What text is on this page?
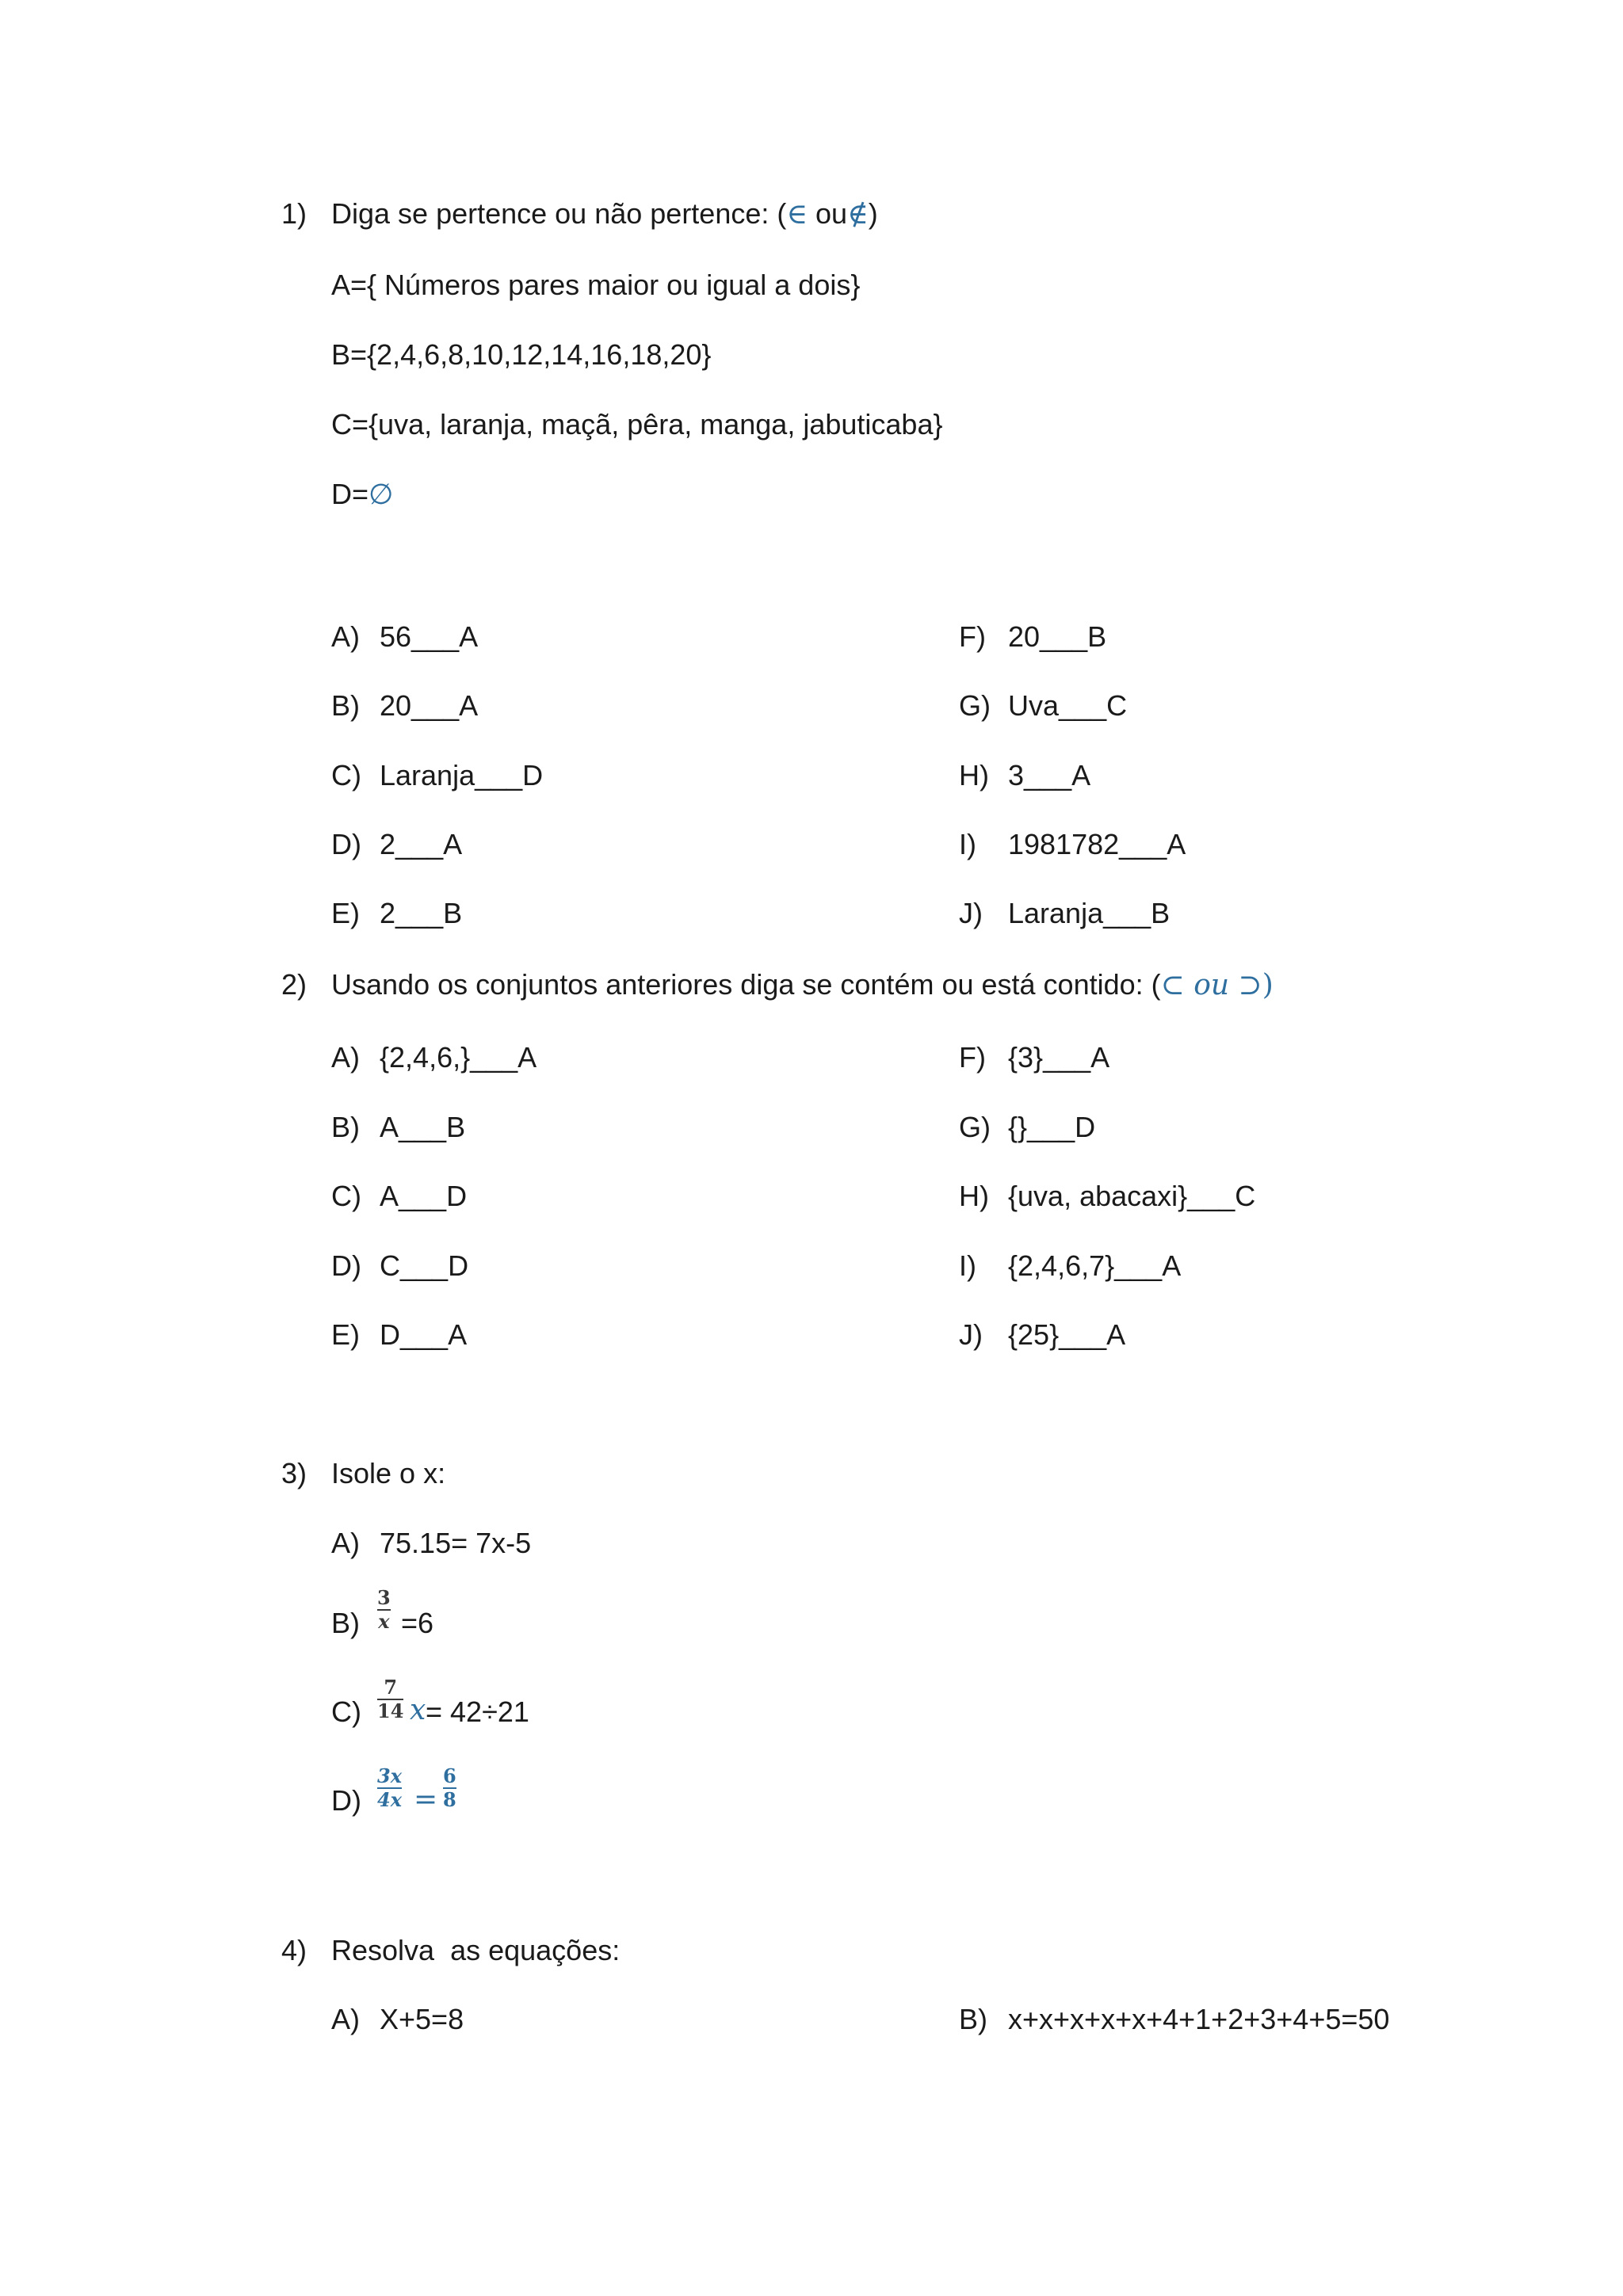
1) Diga se pertence ou não pertence: (∈ ou∉)
A={ Números pares maior ou igual a dois}
B={2,4,6,8,10,12,14,16,18,20}
C={uva, laranja, maçã, pêra, manga, jabuticaba}
D=∅
A) 56___A
B) 20___A
C) Laranja___D
D) 2___A
E) 2___B
F) 20___B
G) Uva___C
H) 3___A
I) 1981782___A
J) Laranja___B
2) Usando os conjuntos anteriores diga se contém ou está contido: (⊂ ou ⊃)
A) {2,4,6,}___A
B) A___B
C) A___D
D) C___D
E) D___A
F) {3}___A
G) {}___D
H) {uva, abacaxi}___C
I) {2,4,6,7}___A
J) {25}___A
3) Isole o x:
A) 75.15= 7x-5
B)
3
x =6
C)
7
14 x = 42÷21
D)
3x
4x =
6
8
4) Resolva  as equações:
A) X+5=8	B) x+x+x+x+x+4+1+2+3+4+5=50
